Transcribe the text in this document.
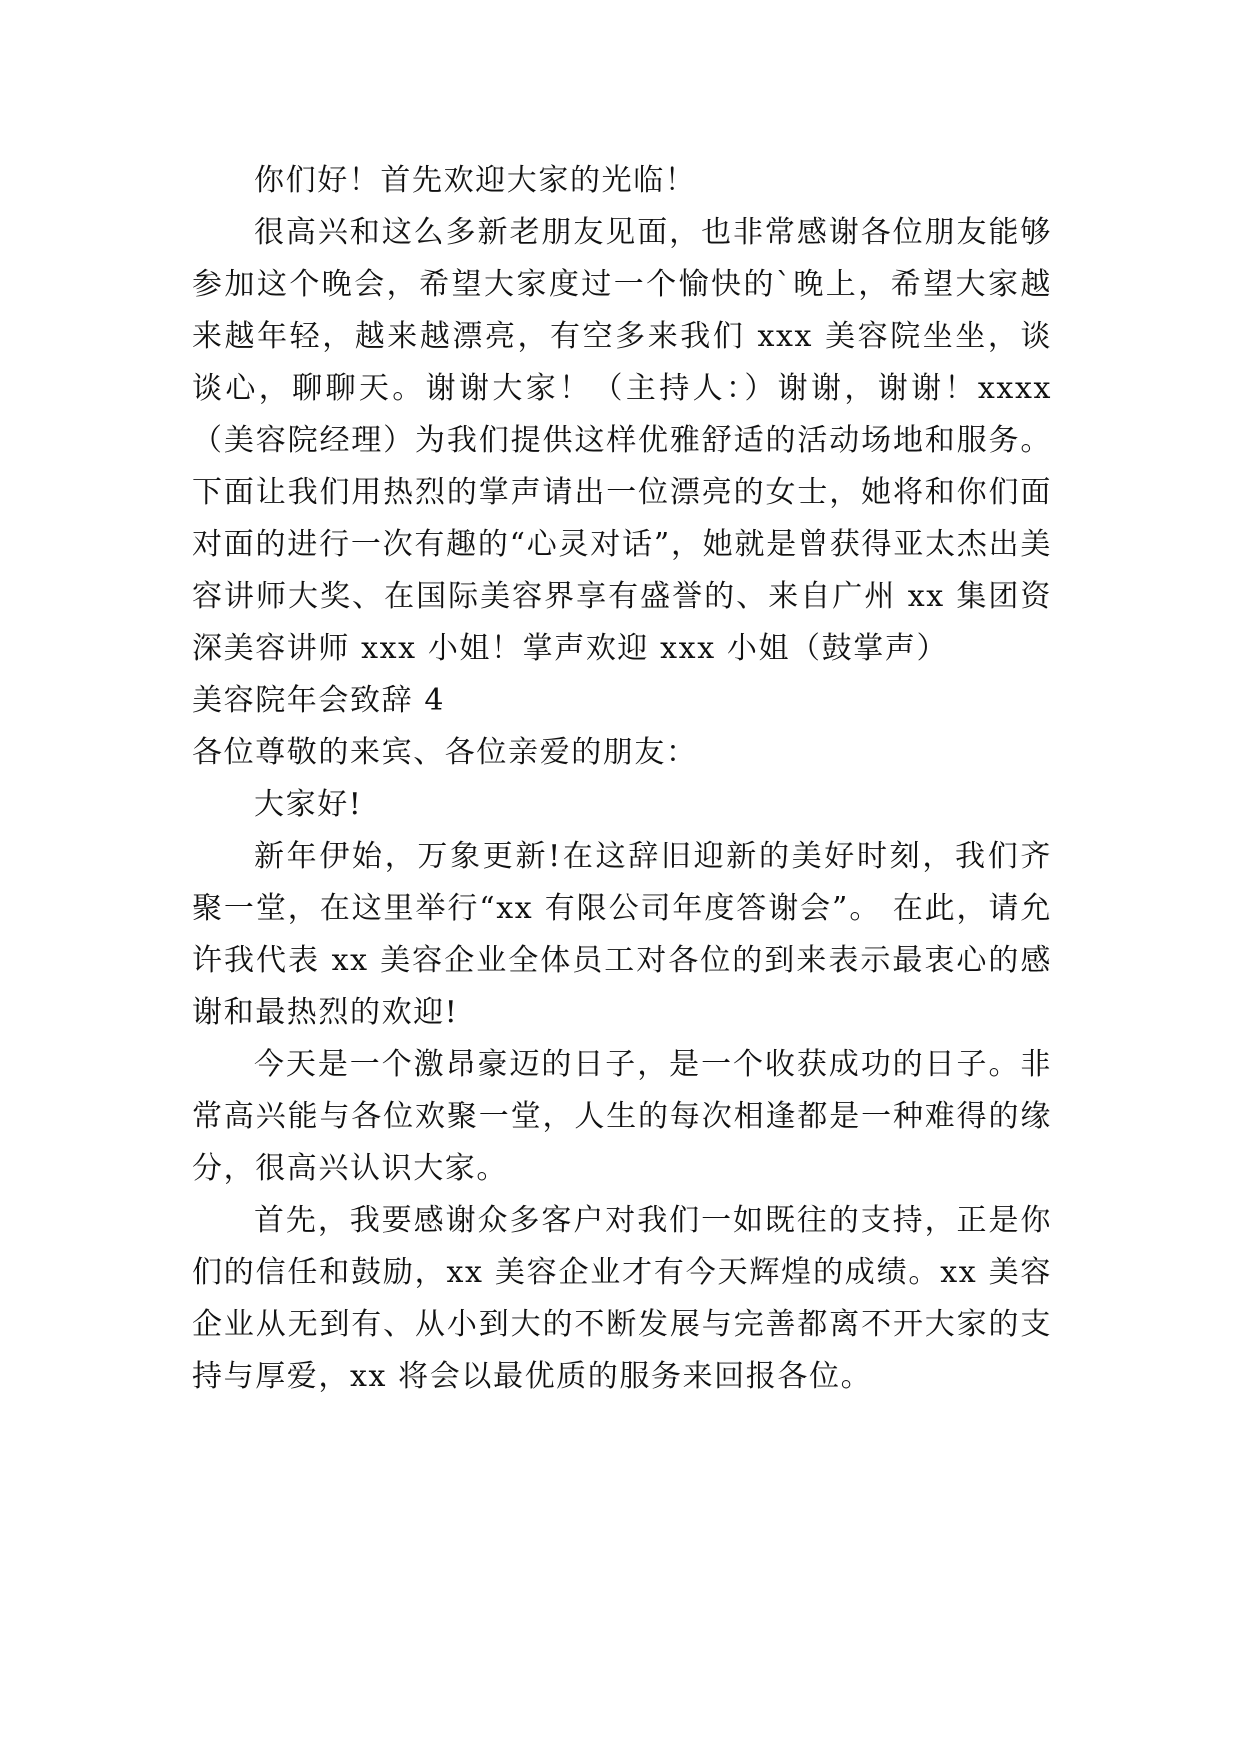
你们好！首先欢迎大家的光临！

很高兴和这么多新老朋友见面，也非常感谢各位朋友能够参加这个晚会，希望大家度过一个愉快的`晚上，希望大家越来越年轻，越来越漂亮，有空多来我们 xxx 美容院坐坐，谈谈心，聊聊天。谢谢大家！（主持人：）谢谢，谢谢！xxxx（美容院经理）为我们提供这样优雅舒适的活动场地和服务。下面让我们用热烈的掌声请出一位漂亮的女士，她将和你们面对面的进行一次有趣的“心灵对话”，她就是曾获得亚太杰出美容讲师大奖、在国际美容界享有盛誉的、来自广州 xx 集团资深美容讲师 xxx 小姐！掌声欢迎 xxx 小姐（鼓掌声）

美容院年会致辞 4

各位尊敬的来宾、各位亲爱的朋友：

大家好!

新年伊始，万象更新!在这辞旧迎新的美好时刻，我们齐聚一堂，在这里举行“xx 有限公司年度答谢会”。 在此，请允许我代表 xx 美容企业全体员工对各位的到来表示最衷心的感谢和最热烈的欢迎!

今天是一个激昂豪迈的日子，是一个收获成功的日子。非常高兴能与各位欢聚一堂，人生的每次相逢都是一种难得的缘分，很高兴认识大家。

首先，我要感谢众多客户对我们一如既往的支持，正是你们的信任和鼓励，xx 美容企业才有今天辉煌的成绩。xx 美容企业从无到有、从小到大的不断发展与完善都离不开大家的支持与厚爱，xx 将会以最优质的服务来回报各位。
